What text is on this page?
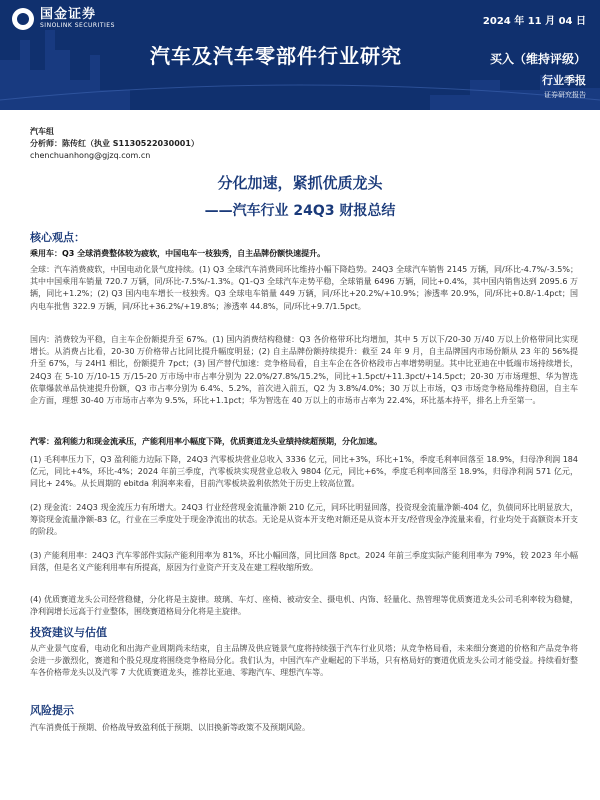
国金证券
SINOLINK SECURITIES	2024 年 11 月 04 日
汽车及汽车零部件行业研究	买入（维持评级）
行业季报
证券研究报告
汽车组
分析师：陈传红（执业 S1130522030001）
chenchuanhong@gjzq.com.cn
分化加速，紧抓优质龙头
——汽车行业 24Q3 财报总结
核心观点：
乘用车：Q3 全球消费整体较为疲软，中国电车一枝独秀，自主品牌份额快速提升。
全球：汽车消费疲软，中国电动化景气度持续。(1) Q3 全球汽车消费同环比维持小幅下降趋势。24Q3 全球汽车销售 2145 万辆，同/环比-4.7%/-3.5%；其中中国乘用车销量 720.7 万辆，同/环比-7.5%/-1.3%。Q1-Q3 全球汽车走势平稳，全球销量 6496 万辆，同比+0.4%，其中国内销售达到 2095.6 万辆，同比+1.2%；(2) Q3 国内电车增长一枝独秀。Q3 全球电车销量 449 万辆，同/环比+20.2%/+10.9%；渗透率 20.9%，同/环比+0.8/-1.4pct；国内电车批售 322.9 万辆，同/环比+36.2%/+19.8%；渗透率 44.8%，同/环比+9.7/1.5pct。
国内：消费较为平稳，自主车企份额提升至 67%。(1) 国内消费结构稳健：Q3 各价格带环比均增加，其中 5 万以下/20-30 万/40 万以上价格带同比实现增长。从消费占比看，20-30 万价格带占比同比提升幅度明显；(2) 自主品牌份额持续提升：截至 24 年 9 月，自主品牌国内市场份额从 23 年的 56%提升至 67%，与 24H1 相比，份额提升 7pct；(3) 国产替代加速：竞争格局看，自主车企在各价格段市占率增势明显。其中比亚迪在中低端市场持续增长，24Q3 在 5-10 万/10-15 万/15-20 万市场中市占率分别为 22.0%/27.8%/15.2%，同比+1.5pct/+11.3pct/+14.5pct；20-30 万市场理想、华为智选依靠爆款单品快速提升份额，Q3 市占率分别为 6.4%、5.2%，首次进入前五，Q2 为 3.8%/4.0%；30 万以上市场，Q3 市场竞争格局维持稳固，自主车企方面，理想 30-40 万市场市占率为 9.5%，环比+1.1pct；华为智选在 40 万以上的市场市占率为 22.4%，环比基本持平，排名上升至第一。
汽零：盈利能力和现金流承压，产能利用率小幅度下降，优质赛道龙头业绩持续超预期，分化加速。
(1) 毛利率压力下，Q3 盈利能力边际下降，24Q3 汽零板块营业总收入 3336 亿元，同比+3%，环比+1%，季度毛利率回落至 18.9%，归母净利润 184 亿元，同比+4%，环比-4%；2024 年前三季度，汽零板块实现营业总收入 9804 亿元，同比+6%，季度毛利率回落至 18.9%，归母净利润 571 亿元，同比+ 24%。从长周期的 ebitda 利润率来看，目前汽零板块盈利依然处于历史上较高位置。
(2) 现金流：24Q3 现金流压力有所增大。24Q3 行业经营现金流量净额 210 亿元，同环比明显回落，投资现金流量净额-404 亿，负债同环比明显放大，筹资现金流量净额-83 亿，行业在三季度处于现金净流出的状态。无论是从资本开支绝对额还是从资本开支/经营现金净流量来看，行业均处于高额资本开支的阶段。
(3) 产能利用率：24Q3 汽车零部件实际产能利用率为 81%，环比小幅回落，同比回落 8pct。2024 年前三季度实际产能利用率为 79%，较 2023 年小幅回落，但是名义产能利用率有所提高，原因为行业资产开支及在建工程收缩所致。
(4) 优质赛道龙头公司经营稳健，分化将是主旋律。玻璃、车灯、座椅、被动安全、摄电机、内饰、轻量化、热管理等优质赛道龙头公司毛利率较为稳健，净利润增长远高于行业整体，围绕赛道格局分化将是主旋律。
投资建议与估值
从产业景气度看，电动化和出海产业周期尚未结束，自主品牌及供应链景气度将持续强于汽车行业贝塔；从竞争格局看，未来细分赛道的价格和产品竞争将会进一步激烈化，赛道和个股兑现度将围绕竞争格局分化。我们认为，中国汽车产业崛起的下半场，只有格局好的赛道优质龙头公司才能受益。持续看好整车各价格带龙头以及汽零 7 大优质赛道龙头，推荐比亚迪、零跑汽车、理想汽车等。
风险提示
汽车消费低于预期、价格战导致盈利低于预期、以旧换新等政策不及预期风险。
